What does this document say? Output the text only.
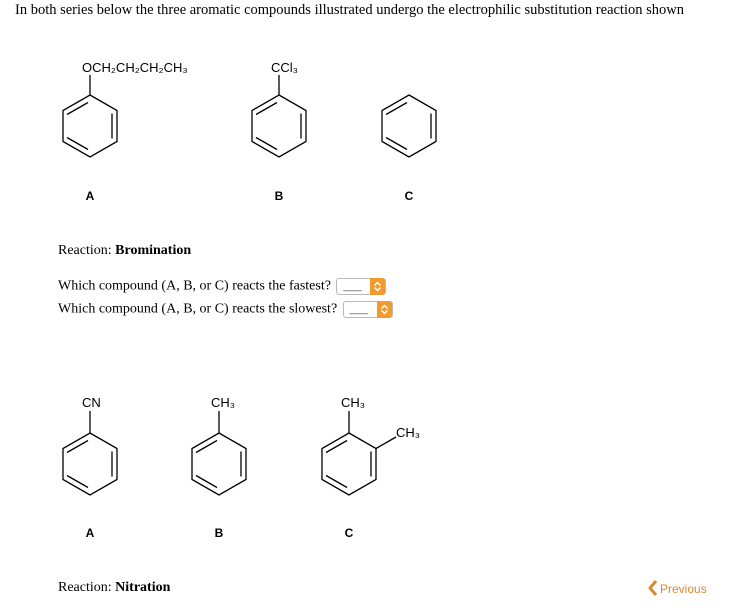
In both series below the three aromatic compounds illustrated undergo the electrophilic substitution reaction shown
OCH₂CH₂CH₂CH₃	CCl₃
CN	CH₃	CH₃
CH₃
A	B	C
A	B	C
Reaction: Bromination
Which compound (A, B, or C) reacts the fastest? ___
Which compound (A, B, or C) reacts the slowest? ___
Reaction: Nitration	Previous
